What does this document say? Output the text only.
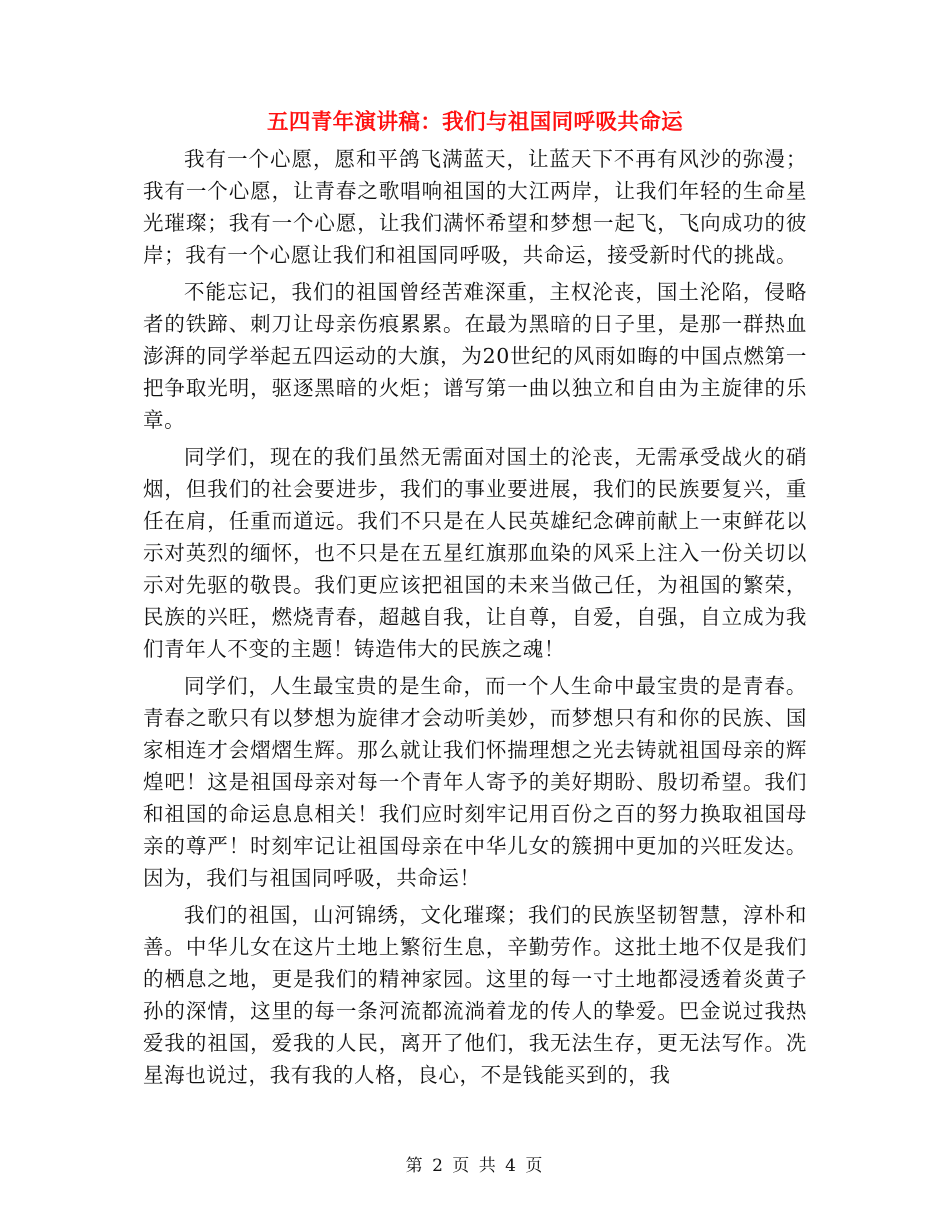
五四青年演讲稿：我们与祖国同呼吸共命运

我有一个心愿，愿和平鸽飞满蓝天，让蓝天下不再有风沙的弥漫；我有一个心愿，让青春之歌唱响祖国的大江两岸，让我们年轻的生命星光璀璨；我有一个心愿，让我们满怀希望和梦想一起飞，飞向成功的彼岸；我有一个心愿让我们和祖国同呼吸，共命运，接受新时代的挑战。

不能忘记，我们的祖国曾经苦难深重，主权沦丧，国土沦陷，侵略者的铁蹄、刺刀让母亲伤痕累累。在最为黑暗的日子里，是那一群热血澎湃的同学举起五四运动的大旗，为20世纪的风雨如晦的中国点燃第一把争取光明，驱逐黑暗的火炬；谱写第一曲以独立和自由为主旋律的乐章。

同学们，现在的我们虽然无需面对国土的沦丧，无需承受战火的硝烟，但我们的社会要进步，我们的事业要进展，我们的民族要复兴，重任在肩，任重而道远。我们不只是在人民英雄纪念碑前献上一束鲜花以示对英烈的缅怀，也不只是在五星红旗那血染的风采上注入一份关切以示对先驱的敬畏。我们更应该把祖国的未来当做己任，为祖国的繁荣，民族的兴旺，燃烧青春，超越自我，让自尊，自爱，自强，自立成为我们青年人不变的主题！铸造伟大的民族之魂！

同学们，人生最宝贵的是生命，而一个人生命中最宝贵的是青春。青春之歌只有以梦想为旋律才会动听美妙，而梦想只有和你的民族、国家相连才会熠熠生辉。那么就让我们怀揣理想之光去铸就祖国母亲的辉煌吧！这是祖国母亲对每一个青年人寄予的美好期盼、殷切希望。我们和祖国的命运息息相关！我们应时刻牢记用百份之百的努力换取祖国母亲的尊严！时刻牢记让祖国母亲在中华儿女的簇拥中更加的兴旺发达。因为，我们与祖国同呼吸，共命运！

我们的祖国，山河锦绣，文化璀璨；我们的民族坚韧智慧，淳朴和善。中华儿女在这片土地上繁衍生息，辛勤劳作。这批土地不仅是我们的栖息之地，更是我们的精神家园。这里的每一寸土地都浸透着炎黄子孙的深情，这里的每一条河流都流淌着龙的传人的挚爱。巴金说过我热爱我的祖国，爱我的人民，离开了他们，我无法生存，更无法写作。冼星海也说过，我有我的人格，良心，不是钱能买到的，我

第 2 页 共 4 页
